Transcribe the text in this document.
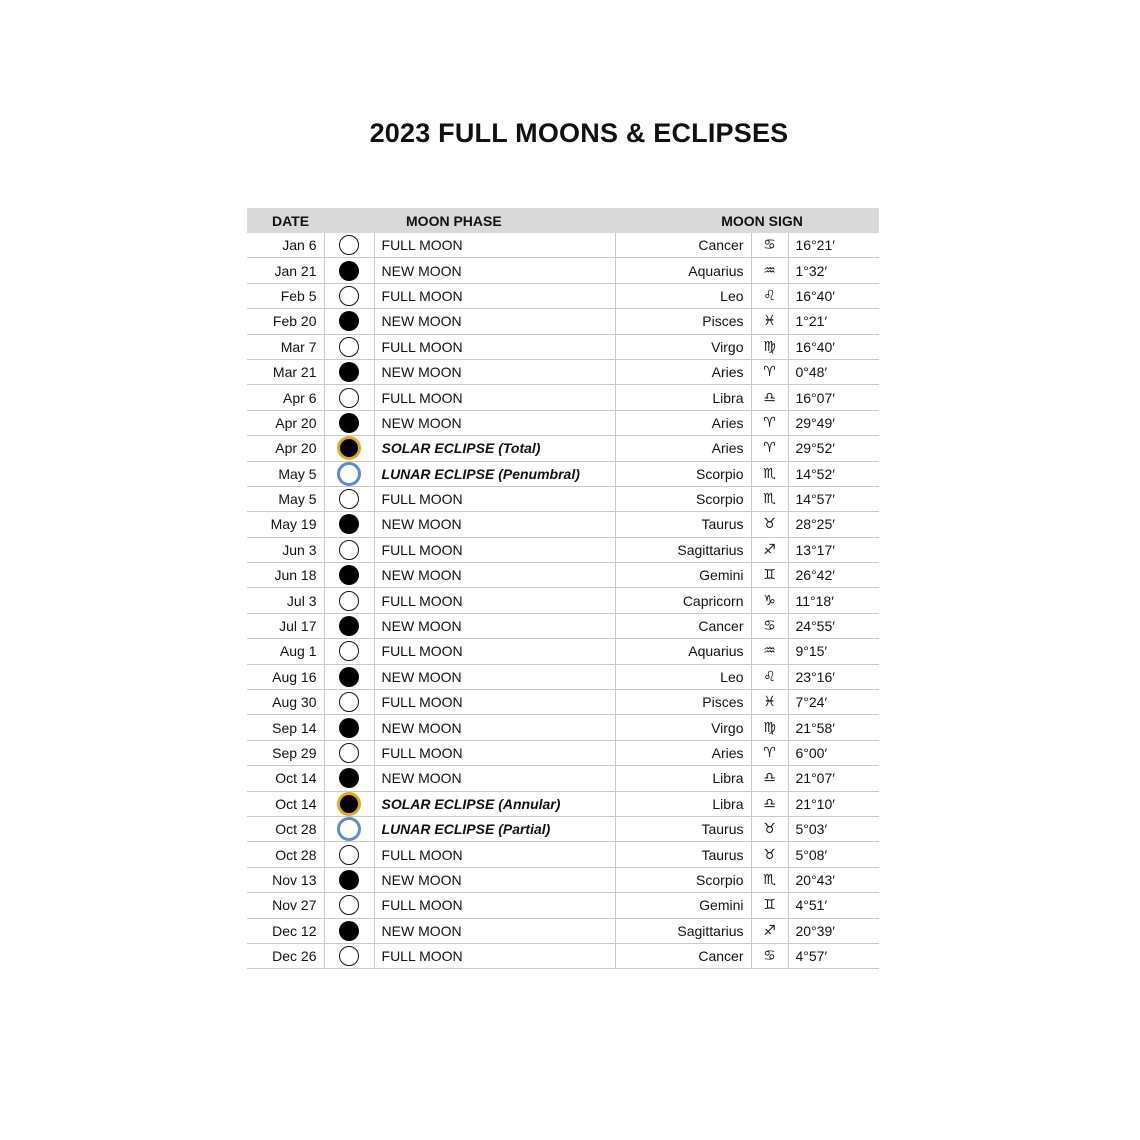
2023 FULL MOONS & ECLIPSES
DATE		MOON PHASE	MOON SIGN		
Jan 6		FULL MOON	Cancer	♋	16°21′
Jan 21		NEW MOON	Aquarius	♒	1°32′
Feb 5		FULL MOON	Leo	♌	16°40′
Feb 20		NEW MOON	Pisces	♓	1°21′
Mar 7		FULL MOON	Virgo	♍	16°40′
Mar 21		NEW MOON	Aries	♈	0°48′
Apr 6		FULL MOON	Libra	♎	16°07′
Apr 20		NEW MOON	Aries	♈	29°49′
Apr 20		SOLAR ECLIPSE (Total)	Aries	♈	29°52′
May 5		LUNAR ECLIPSE (Penumbral)	Scorpio	♏	14°52′
May 5		FULL MOON	Scorpio	♏	14°57′
May 19		NEW MOON	Taurus	♉	28°25′
Jun 3		FULL MOON	Sagittarius	♐	13°17′
Jun 18		NEW MOON	Gemini	♊	26°42′
Jul 3		FULL MOON	Capricorn	♑	11°18′
Jul 17		NEW MOON	Cancer	♋	24°55′
Aug 1		FULL MOON	Aquarius	♒	9°15′
Aug 16		NEW MOON	Leo	♌	23°16′
Aug 30		FULL MOON	Pisces	♓	7°24′
Sep 14		NEW MOON	Virgo	♍	21°58′
Sep 29		FULL MOON	Aries	♈	6°00′
Oct 14		NEW MOON	Libra	♎	21°07′
Oct 14		SOLAR ECLIPSE (Annular)	Libra	♎	21°10′
Oct 28		LUNAR ECLIPSE (Partial)	Taurus	♉	5°03′
Oct 28		FULL MOON	Taurus	♉	5°08′
Nov 13		NEW MOON	Scorpio	♏	20°43′
Nov 27		FULL MOON	Gemini	♊	4°51′
Dec 12		NEW MOON	Sagittarius	♐	20°39′
Dec 26		FULL MOON	Cancer	♋	4°57′
